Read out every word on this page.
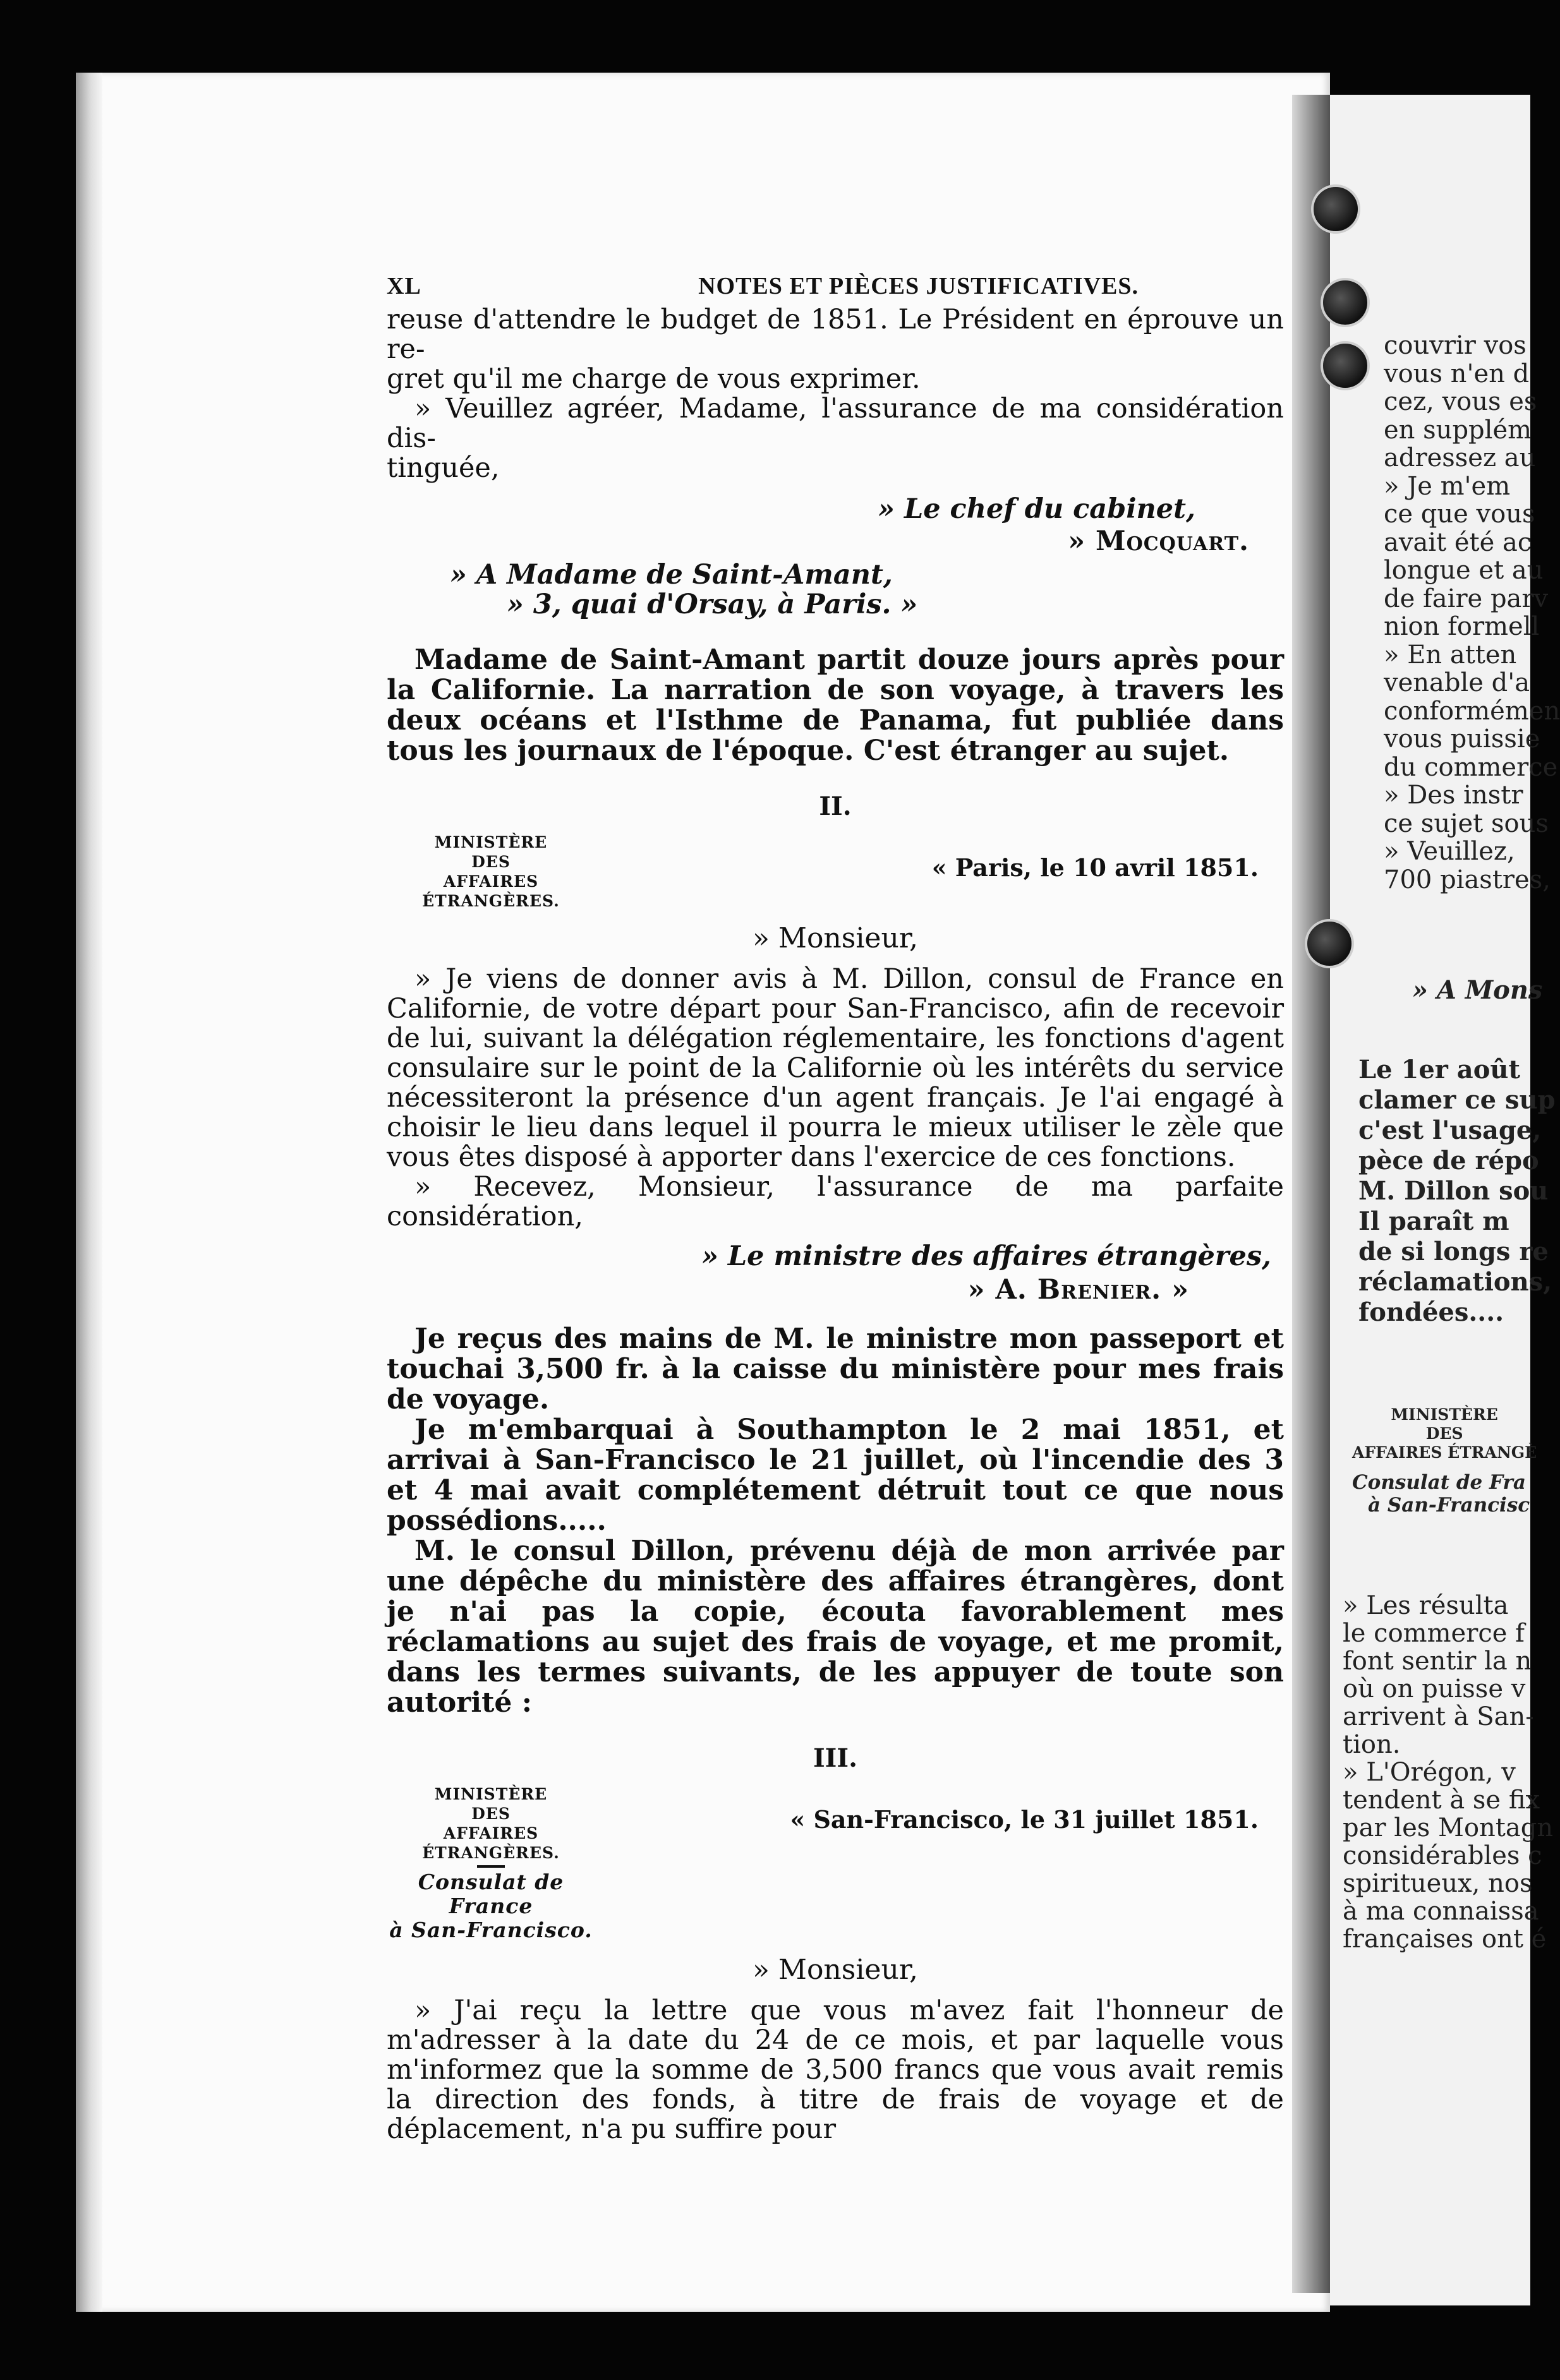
XL	NOTES ET PIÈCES JUSTIFICATIVES.

reuse d'attendre le budget de 1851. Le Président en éprouve un re-

gret qu'il me charge de vous exprimer.

» Veuillez agréer, Madame, l'assurance de ma considération dis-

tinguée,

» Le chef du cabinet,

» Mocquart.

» A Madame de Saint-Amant,

» 3, quai d'Orsay, à Paris. »

Madame de Saint-Amant partit douze jours après pour la Californie. La narration de son voyage, à travers les deux océans et l'Isthme de Panama, fut publiée dans tous les journaux de l'époque. C'est étranger au sujet.

II.
MINISTÈRE
DES
AFFAIRES ÉTRANGÈRES.
« Paris, le 10 avril 1851.

» Monsieur,

» Je viens de donner avis à M. Dillon, consul de France en Californie, de votre départ pour San-Francisco, afin de recevoir de lui, suivant la délégation réglementaire, les fonctions d'agent consulaire sur le point de la Californie où les intérêts du service nécessiteront la présence d'un agent français. Je l'ai engagé à choisir le lieu dans lequel il pourra le mieux utiliser le zèle que vous êtes disposé à apporter dans l'exercice de ces fonctions.

» Recevez, Monsieur, l'assurance de ma parfaite considération,

» Le ministre des affaires étrangères,

» A. Brenier. »

Je reçus des mains de M. le ministre mon passeport et touchai 3,500 fr. à la caisse du ministère pour mes frais de voyage.

Je m'embarquai à Southampton le 2 mai 1851, et arrivai à San-Francisco le 21 juillet, où l'incendie des 3 et 4 mai avait complétement détruit tout ce que nous possédions.....

M. le consul Dillon, prévenu déjà de mon arrivée par une dépêche du ministère des affaires étrangères, dont je n'ai pas la copie, écouta favorablement mes réclamations au sujet des frais de voyage, et me promit, dans les termes suivants, de les appuyer de toute son autorité :

III.
MINISTÈRE
DES
AFFAIRES ÉTRANGÈRES.
Consulat de France
à San-Francisco.
« San-Francisco, le 31 juillet 1851.

» Monsieur,

» J'ai reçu la lettre que vous m'avez fait l'honneur de m'adresser à la date du 24 de ce mois, et par laquelle vous m'informez que la somme de 3,500 francs que vous avait remis la direction des fonds, à titre de frais de voyage et de déplacement, n'a pu suffire pour

couvrir vos
vous n'en d
cez, vous es
en supplém
adressez au
» Je m'em
ce que vous
avait été ac
longue et au
de faire parv
nion formell
» En atten
venable d'a
conformémen
vous puissie
du commerce
» Des instr
ce sujet sous
» Veuillez,
700 piastres,
» A Mons
Le 1er août
clamer ce sup
c'est l'usage,
pèce de répo
M. Dillon sou
Il paraît m
de si longs re
réclamations,
fondées....
MINISTÈRE
DES
AFFAIRES ÉTRANGÈ
Consulat de Fra
à San-Francisc
» Les résulta
le commerce f
font sentir la n
où on puisse v
arrivent à San-
tion.
» L'Orégon, v
tendent à se fix
par les Montagn
considérables c
spiritueux, nos
à ma connaissa
françaises ont é
